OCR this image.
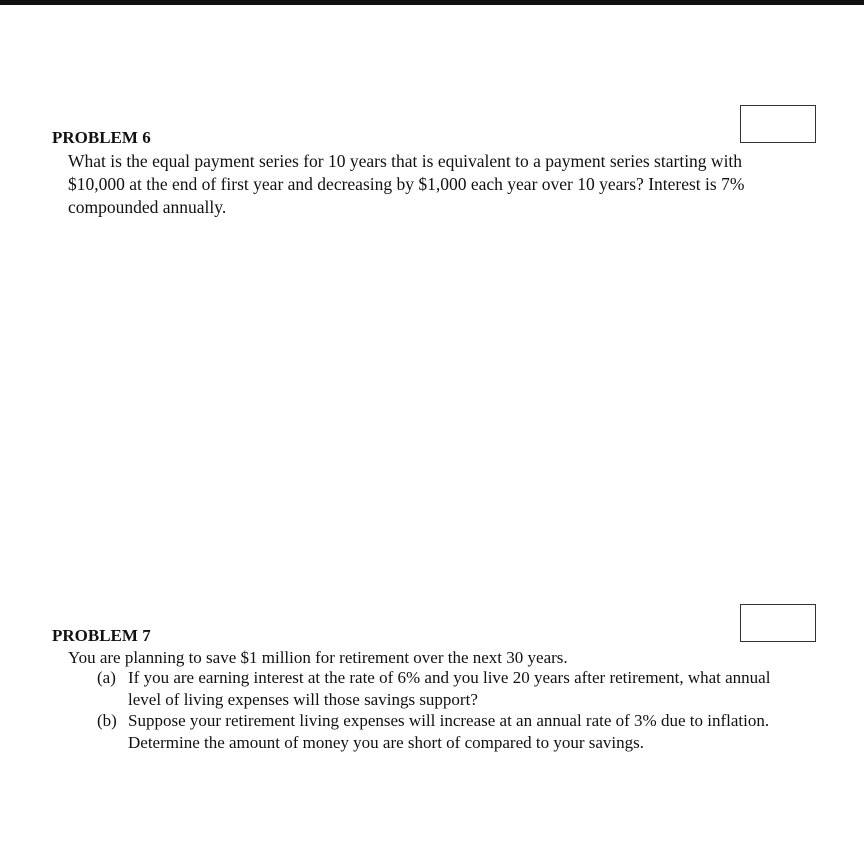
PROBLEM 6
What is the equal payment series for 10 years that is equivalent to a payment series starting with $10,000 at the end of first year and decreasing by $1,000 each year over 10 years? Interest is 7% compounded annually.
PROBLEM 7
You are planning to save $1 million for retirement over the next 30 years.
(a) If you are earning interest at the rate of 6% and you live 20 years after retirement, what annual level of living expenses will those savings support?
(b) Suppose your retirement living expenses will increase at an annual rate of 3% due to inflation. Determine the amount of money you are short of compared to your savings.
